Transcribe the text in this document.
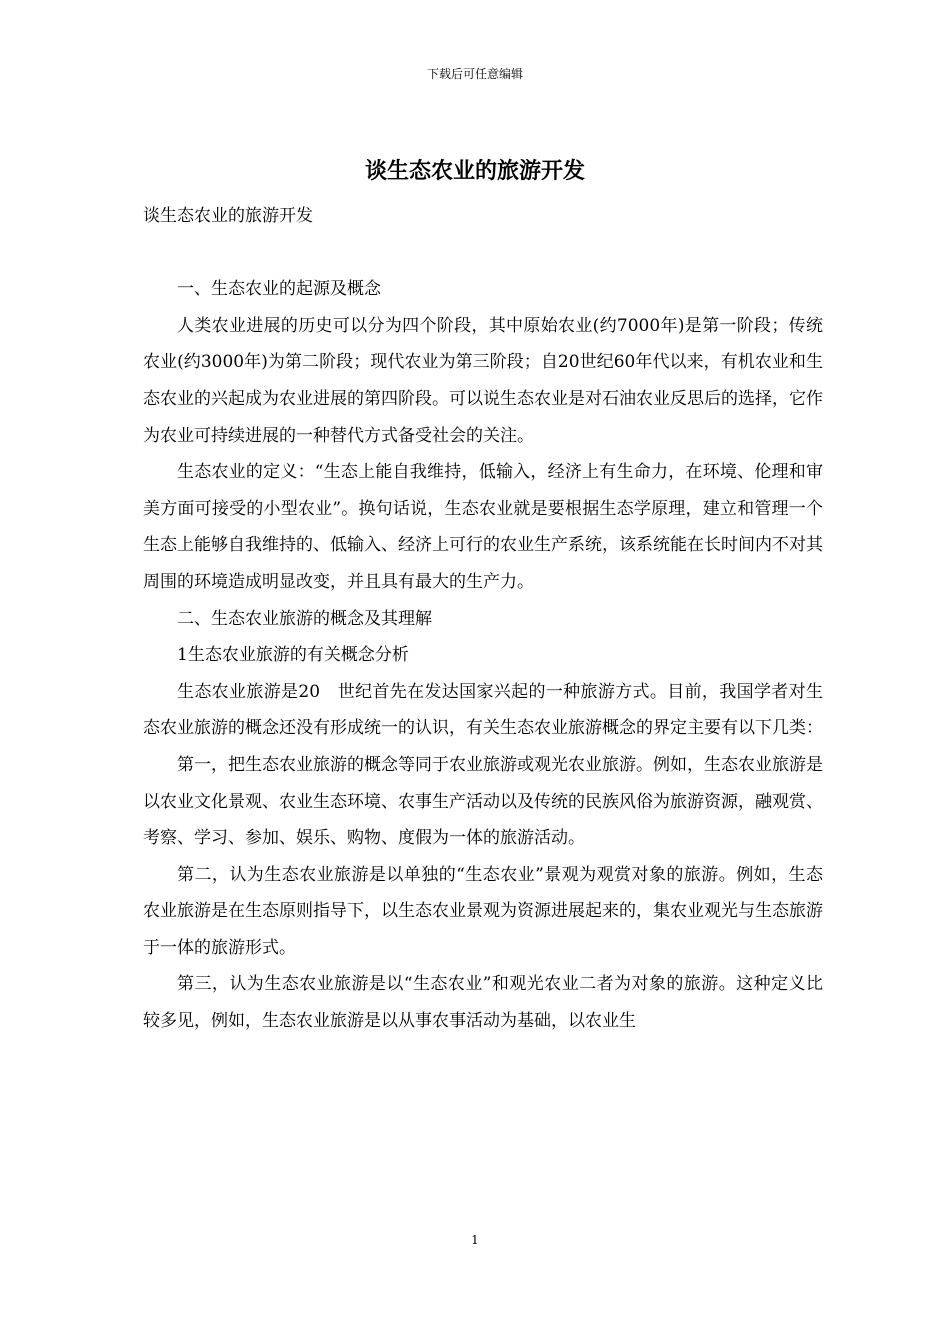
下载后可任意编辑
谈生态农业的旅游开发

谈生态农业的旅游开发

一、生态农业的起源及概念

人类农业进展的历史可以分为四个阶段，其中原始农业(约7000年)是第一阶段；传统农业(约3000年)为第二阶段；现代农业为第三阶段；自20世纪60年代以来，有机农业和生态农业的兴起成为农业进展的第四阶段。可以说生态农业是对石油农业反思后的选择，它作为农业可持续进展的一种替代方式备受社会的关注。

生态农业的定义：“生态上能自我维持，低输入，经济上有生命力，在环境、伦理和审美方面可接受的小型农业”。换句话说，生态农业就是要根据生态学原理，建立和管理一个生态上能够自我维持的、低输入、经济上可行的农业生产系统，该系统能在长时间内不对其周围的环境造成明显改变，并且具有最大的生产力。

二、生态农业旅游的概念及其理解

1生态农业旅游的有关概念分析

生态农业旅游是20　世纪首先在发达国家兴起的一种旅游方式。目前，我国学者对生态农业旅游的概念还没有形成统一的认识，有关生态农业旅游概念的界定主要有以下几类：

第一，把生态农业旅游的概念等同于农业旅游或观光农业旅游。例如，生态农业旅游是以农业文化景观、农业生态环境、农事生产活动以及传统的民族风俗为旅游资源，融观赏、考察、学习、参加、娱乐、购物、度假为一体的旅游活动。

第二，认为生态农业旅游是以单独的“生态农业”景观为观赏对象的旅游。例如，生态农业旅游是在生态原则指导下，以生态农业景观为资源进展起来的，集农业观光与生态旅游于一体的旅游形式。

第三，认为生态农业旅游是以“生态农业”和观光农业二者为对象的旅游。这种定义比较多见，例如，生态农业旅游是以从事农事活动为基础，以农业生

1
